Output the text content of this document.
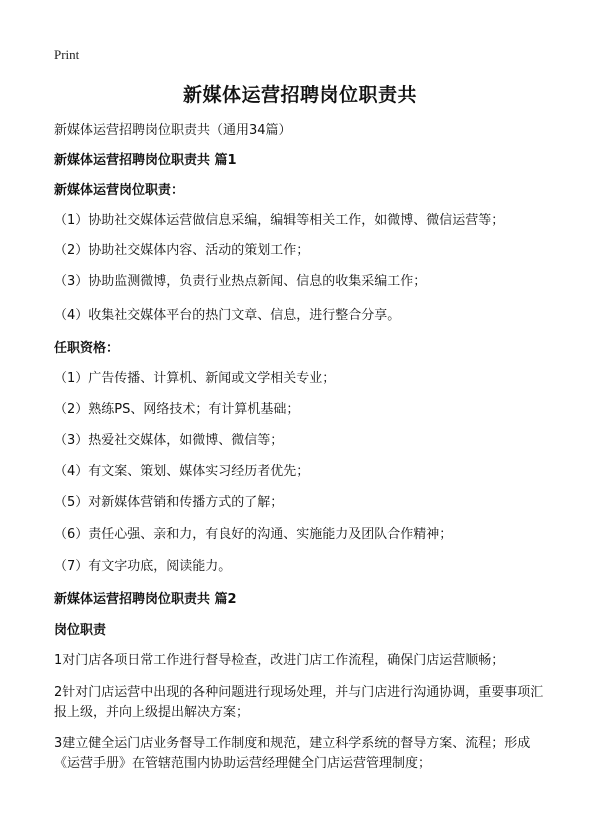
Print
新媒体运营招聘岗位职责共
新媒体运营招聘岗位职责共（通用34篇）
新媒体运营招聘岗位职责共 篇1
新媒体运营岗位职责：
（1）协助社交媒体运营做信息采编，编辑等相关工作，如微博、微信运营等；
（2）协助社交媒体内容、活动的策划工作；
（3）协助监测微博，负责行业热点新闻、信息的收集采编工作；
（4）收集社交媒体平台的热门文章、信息，进行整合分享。
任职资格：
（1）广告传播、计算机、新闻或文学相关专业；
（2）熟练PS、网络技术；有计算机基础；
（3）热爱社交媒体，如微博、微信等；
（4）有文案、策划、媒体实习经历者优先；
（5）对新媒体营销和传播方式的了解；
（6）责任心强、亲和力，有良好的沟通、实施能力及团队合作精神；
（7）有文字功底，阅读能力。
新媒体运营招聘岗位职责共 篇2
岗位职责
1对门店各项日常工作进行督导检查，改进门店工作流程，确保门店运营顺畅；
2针对门店运营中出现的各种问题进行现场处理，并与门店进行沟通协调，重要事项汇报上级，并向上级提出解决方案；
3建立健全运门店业务督导工作制度和规范，建立科学系统的督导方案、流程；形成《运营手册》在管辖范围内协助运营经理健全门店运营管理制度；
